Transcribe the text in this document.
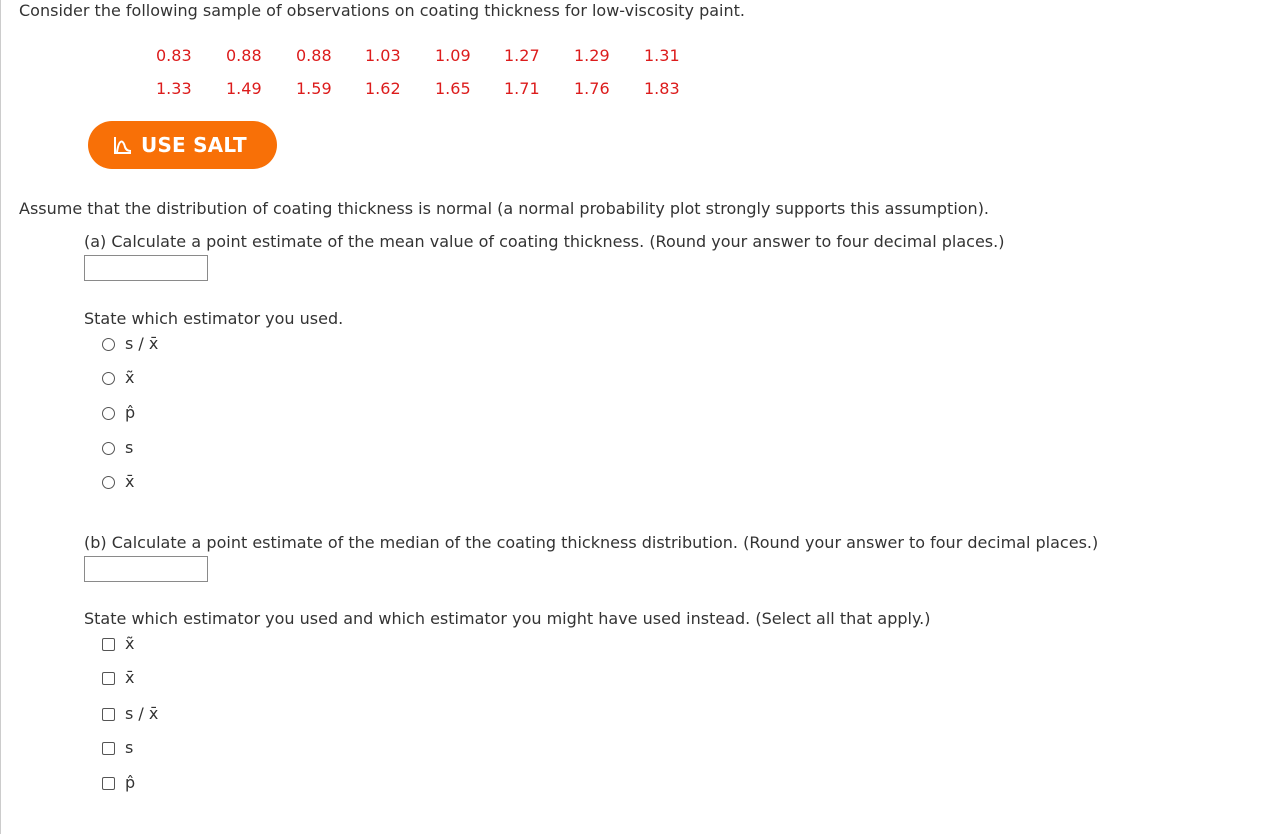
Consider the following sample of observations on coating thickness for low-viscosity paint.
0.83 0.88 0.88 1.03 1.09 1.27 1.29 1.31
1.33 1.49 1.59 1.62 1.65 1.71 1.76 1.83
USE SALT
Assume that the distribution of coating thickness is normal (a normal probability plot strongly supports this assumption).
(a) Calculate a point estimate of the mean value of coating thickness. (Round your answer to four decimal places.)
State which estimator you used.
s / x̄
x̃
p̂
s
x̄
(b) Calculate a point estimate of the median of the coating thickness distribution. (Round your answer to four decimal places.)
State which estimator you used and which estimator you might have used instead. (Select all that apply.)
x̃
x̄
s / x̄
s
p̂
